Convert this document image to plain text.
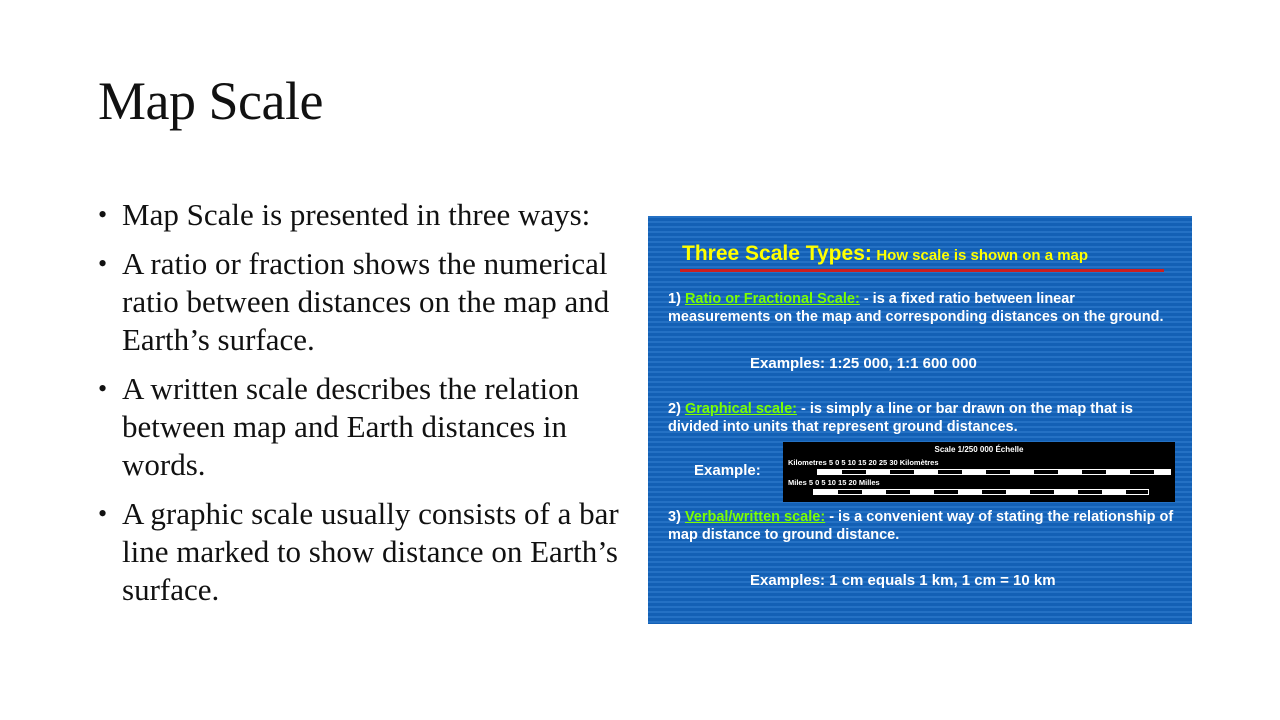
Map Scale
• Map Scale is presented in three ways:
• A ratio or fraction shows the numerical ratio between distances on the map and Earth’s surface.
• A written scale describes the relation between map and Earth distances in words.
• A graphic scale usually consists of a bar line marked to show distance on Earth’s surface.
Three Scale Types: How scale is shown on a map
1) Ratio or Fractional Scale: - is a fixed ratio between linear measurements on the map and corresponding distances on the ground.
Examples: 1:25 000, 1:1 600 000
2) Graphical scale: - is simply a line or bar drawn on the map that is divided into units that represent ground distances.
Example:
Scale 1/250 000 Échelle
Kilometres 5 0 5 10 15 20 25 30 Kilomètres
Miles 5 0 5 10 15 20 Milles
3) Verbal/written scale: - is a convenient way of stating the relationship of map distance to ground distance.
Examples: 1 cm equals 1 km, 1 cm = 10 km
